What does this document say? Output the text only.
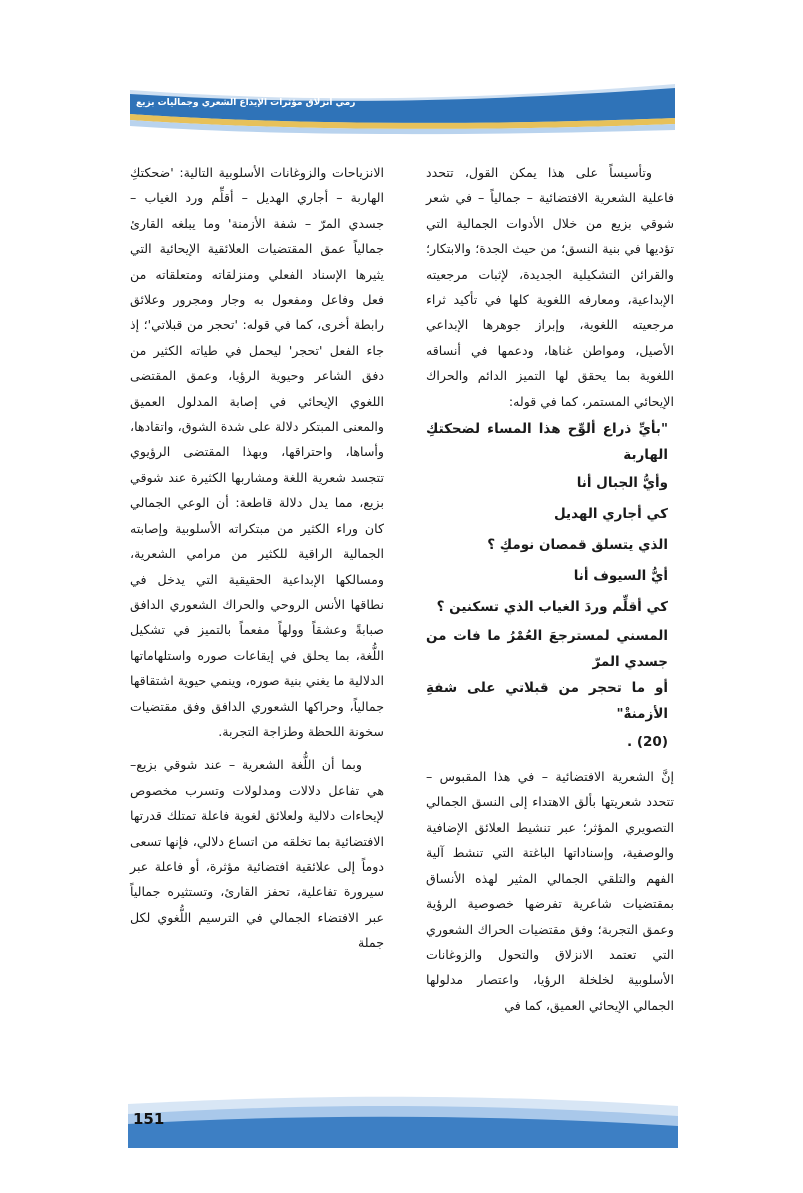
رمي انزلاق مؤثرات الإيداع الشعري وجماليات بزيع

وتأسيساً على هذا يمكن القول، تتحدد فاعلية الشعرية الافتضائية – جمالياً – في شعر شوقي بزيع من خلال الأدوات الجمالية التي تؤديها في بنية النسق؛ من حيث الجدة؛ والابتكار؛ والقرائن التشكيلية الجديدة، لإثبات مرجعيته الإبداعية، ومعارفه اللغوية كلها في تأكيد ثراء مرجعيته اللغوية، وإبراز جوهرها الإبداعي الأصيل، ومواطن غناها، ودعمها في أنساقه اللغوية بما يحقق لها التميز الدائم والحراك الإيحائي المستمر، كما في قوله:

"بأيِّ ذراع ألوِّح هذا المساء لضحكتكِ الهاربة
وأيُّ الجبال أنا
كي أجاري الهديل
الذي يتسلق قمصان نومكِ ؟
أيُّ السيوف أنا
كي أقلِّم وردَ الغياب الذي تسكنين ؟
المسني لمسترجعَ العُمْرُ ما فات من جسدي المرّ
أو ما تحجر من قبلاتي على شفةِ الأزمنةْ"
(20) .

إنَّ الشعرية الافتضائية – في هذا المقبوس – تتحدد شعريتها بألق الاهتداء إلى النسق الجمالي التصويري المؤثر؛ عبر تنشيط العلائق الإضافية والوصفية، وإسناداتها الباغتة التي تنشط آلية الفهم والتلقي الجمالي المثير لهذه الأنساق بمقتضيات شاعرية تفرضها خصوصية الرؤية وعمق التجربة؛ وفق مقتضيات الحراك الشعوري التي تعتمد الانزلاق والتحول والزوغانات الأسلوبية لخلخلة الرؤيا، واعتصار مدلولها الجمالي الإيحائي العميق، كما في

الانزياحات والزوغانات الأسلوبية التالية: 'ضحكتكِ الهاربة – أجاري الهديل – أقلِّم ورد الغياب –جسدي المرّ – شفة الأزمنة' وما يبلغه القارئ جمالياً عمق المقتضيات العلائقية الإيحائية التي يثيرها الإسناد الفعلي ومنزلقاته ومتعلقاته من فعل وفاعل ومفعول به وجار ومجرور وعلائق رابطة أخرى، كما في قوله: 'تحجر من قبلاتي'؛ إذ جاء الفعل 'تحجر' ليحمل في طياته الكثير من دفق الشاعر وحيوية الرؤيا، وعمق المقتضى اللغوي الإيحائي في إصابة المدلول العميق والمعنى المبتكر دلالة على شدة الشوق، واتقادها، وأساها، واحتراقها، وبهذا المقتضى الرؤيوي تتجسد شعرية اللغة ومشاربها الكثيرة عند شوقي بزيع، مما يدل دلالة قاطعة: أن الوعي الجمالي كان وراء الكثير من مبتكراته الأسلوبية وإصابته الجمالية الراقية للكثير من مرامي الشعرية، ومسالكها الإبداعية الحقيقية التي يدخل في نطاقها الأنس الروحي والحراك الشعوري الدافق صبابةً وعشقاً وولهاً مفعماً بالتميز في تشكيل اللُّغة، بما يحلق في إيقاعات صوره واستلهاماتها الدلالية ما يغني بنية صوره، وينمي حيوية اشتقاقها جمالياً، وحراكها الشعوري الدافق وفق مقتضيات سخونة اللحظة وطزاجة التجربة.

وبما أن اللُّغة الشعرية – عند شوقي بزيع– هي تفاعل دلالات ومدلولات وتسرب مخصوص لإيحاءات دلالية ولعلائق لغوية فاعلة تمتلك قدرتها الافتضائية بما تخلقه من اتساع دلالي، فإنها تسعى دوماً إلى علائقية افتضائية مؤثرة، أو فاعلة عبر سيرورة تفاعلية، تحفز القارئ، وتستثيره جمالياً عبر الافتضاء الجمالي في الترسيم اللُّغوي لكل جملة

151
